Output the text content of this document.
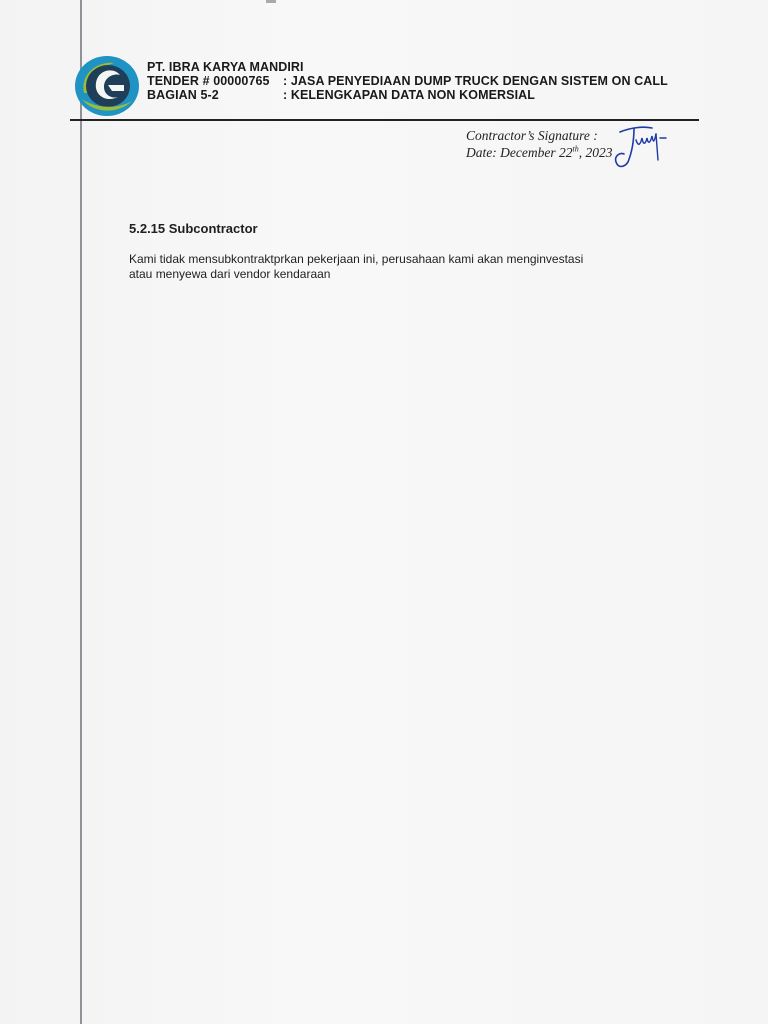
PT. IBRA KARYA MANDIRI
TENDER # 00000765 : JASA PENYEDIAAN DUMP TRUCK DENGAN SISTEM ON CALL
BAGIAN 5-2	: KELENGKAPAN DATA NON KOMERSIAL
Contractor’s Signature :
Date: December 22th, 2023
5.2.15 Subcontractor
Kami tidak mensubkontraktprkan pekerjaan ini, perusahaan kami akan menginvestasi
atau menyewa dari vendor kendaraan
